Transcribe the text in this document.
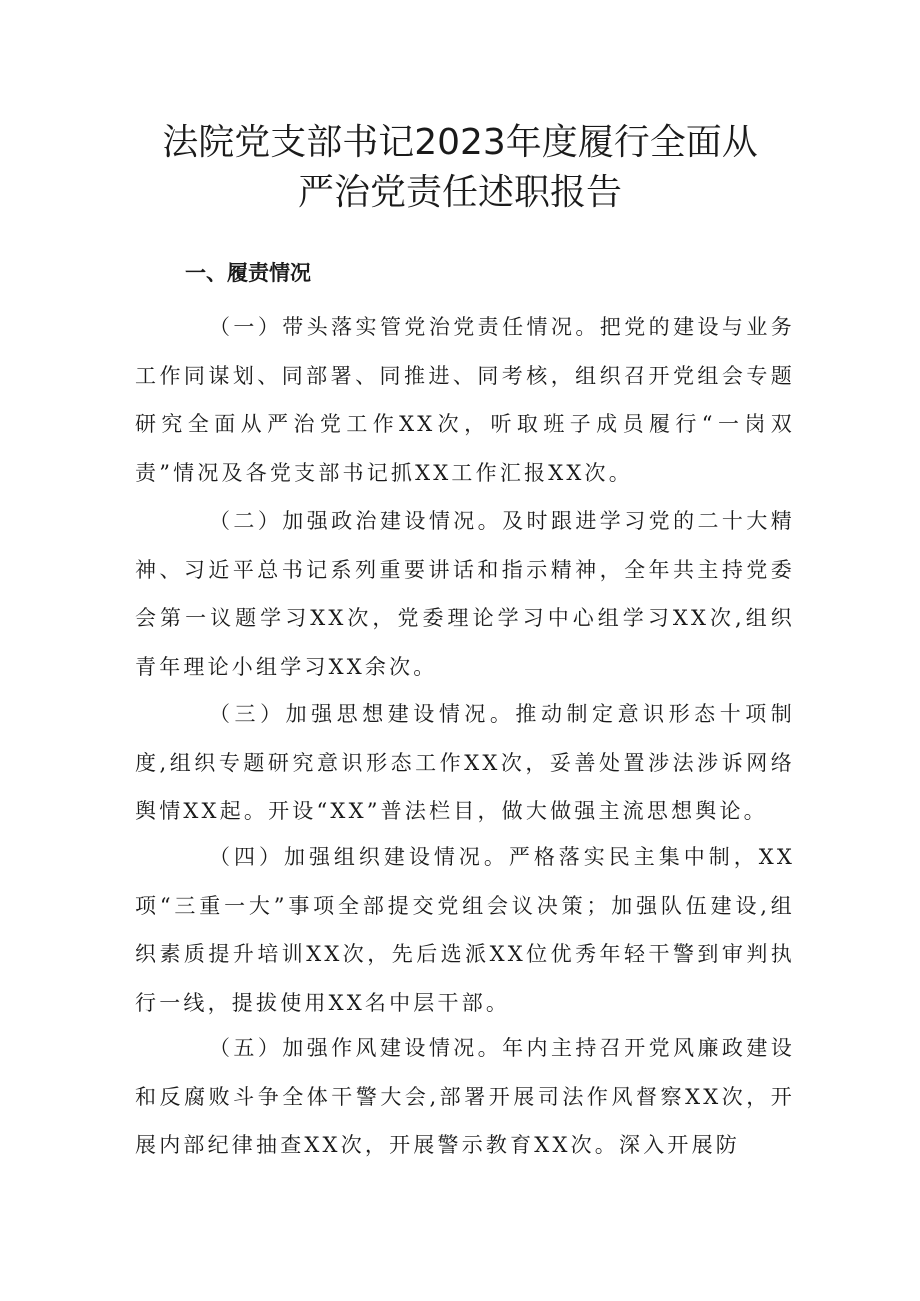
法院党支部书记2023年度履行全面从
严治党责任述职报告
一、履责情况

（一）带头落实管党治党责任情况。把党的建设与业务工作同谋划、同部署、同推进、同考核，组织召开党组会专题研究全面从严治党工作XX次，听取班子成员履行“一岗双责”情况及各党支部书记抓XX工作汇报XX次。

（二）加强政治建设情况。及时跟进学习党的二十大精神、习近平总书记系列重要讲话和指示精神，全年共主持党委会第一议题学习XX次，党委理论学习中心组学习XX次,组织青年理论小组学习XX余次。

（三）加强思想建设情况。推动制定意识形态十项制度,组织专题研究意识形态工作XX次，妥善处置涉法涉诉网络舆情XX起。开设“XX”普法栏目，做大做强主流思想舆论。

（四）加强组织建设情况。严格落实民主集中制，XX项“三重一大”事项全部提交党组会议决策；加强队伍建设,组织素质提升培训XX次，先后选派XX位优秀年轻干警到审判执行一线，提拔使用XX名中层干部。

（五）加强作风建设情况。年内主持召开党风廉政建设和反腐败斗争全体干警大会,部署开展司法作风督察XX次，开展内部纪律抽查XX次，开展警示教育XX次。深入开展防
